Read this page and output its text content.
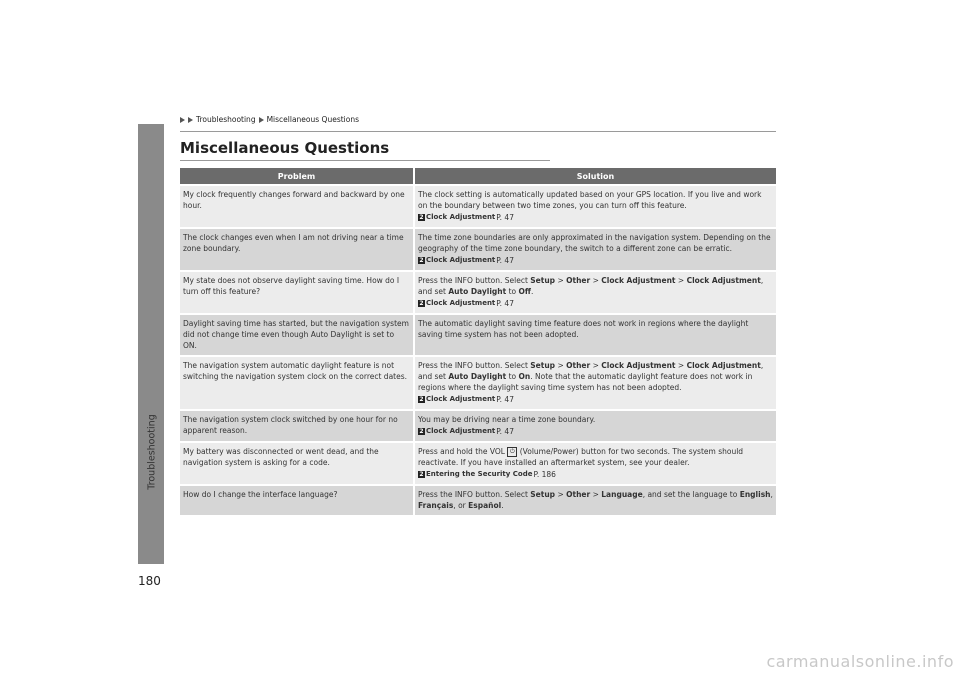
Troubleshooting
Troubleshooting Miscellaneous Questions
Miscellaneous Questions
Problem	Solution
My clock frequently changes forward and backward by one hour.	The clock setting is automatically updated based on your GPS location. If you live and work on the boundary between two time zones, you can turn off this feature.

2 Clock Adjustment P. 47

The clock changes even when I am not driving near a time zone boundary.	The time zone boundaries are only approximated in the navigation system. Depending on the geography of the time zone boundary, the switch to a different zone can be erratic.

2 Clock Adjustment P. 47

My state does not observe daylight saving time. How do I turn off this feature?	Press the INFO button. Select Setup > Other > Clock Adjustment > Clock Adjustment, and set Auto Daylight to Off.

2 Clock Adjustment P. 47

Daylight saving time has started, but the navigation system did not change time even though Auto Daylight is set to ON.	The automatic daylight saving time feature does not work in regions where the daylight saving time system has not been adopted.
The navigation system automatic daylight feature is not switching the navigation system clock on the correct dates.	Press the INFO button. Select Setup > Other > Clock Adjustment > Clock Adjustment, and set Auto Daylight to On. Note that the automatic daylight feature does not work in regions where the daylight saving time system has not been adopted.

2 Clock Adjustment P. 47

The navigation system clock switched by one hour for no apparent reason.	You may be driving near a time zone boundary.

2 Clock Adjustment P. 47

My battery was disconnected or went dead, and the navigation system is asking for a code.	Press and hold the VOL ⏻ (Volume/Power) button for two seconds. The system should reactivate. If you have installed an aftermarket system, see your dealer.

2 Entering the Security Code P. 186

How do I change the interface language?	Press the INFO button. Select Setup > Other > Language, and set the language to English, Français, or Español.
180
carmanualsonline.info
